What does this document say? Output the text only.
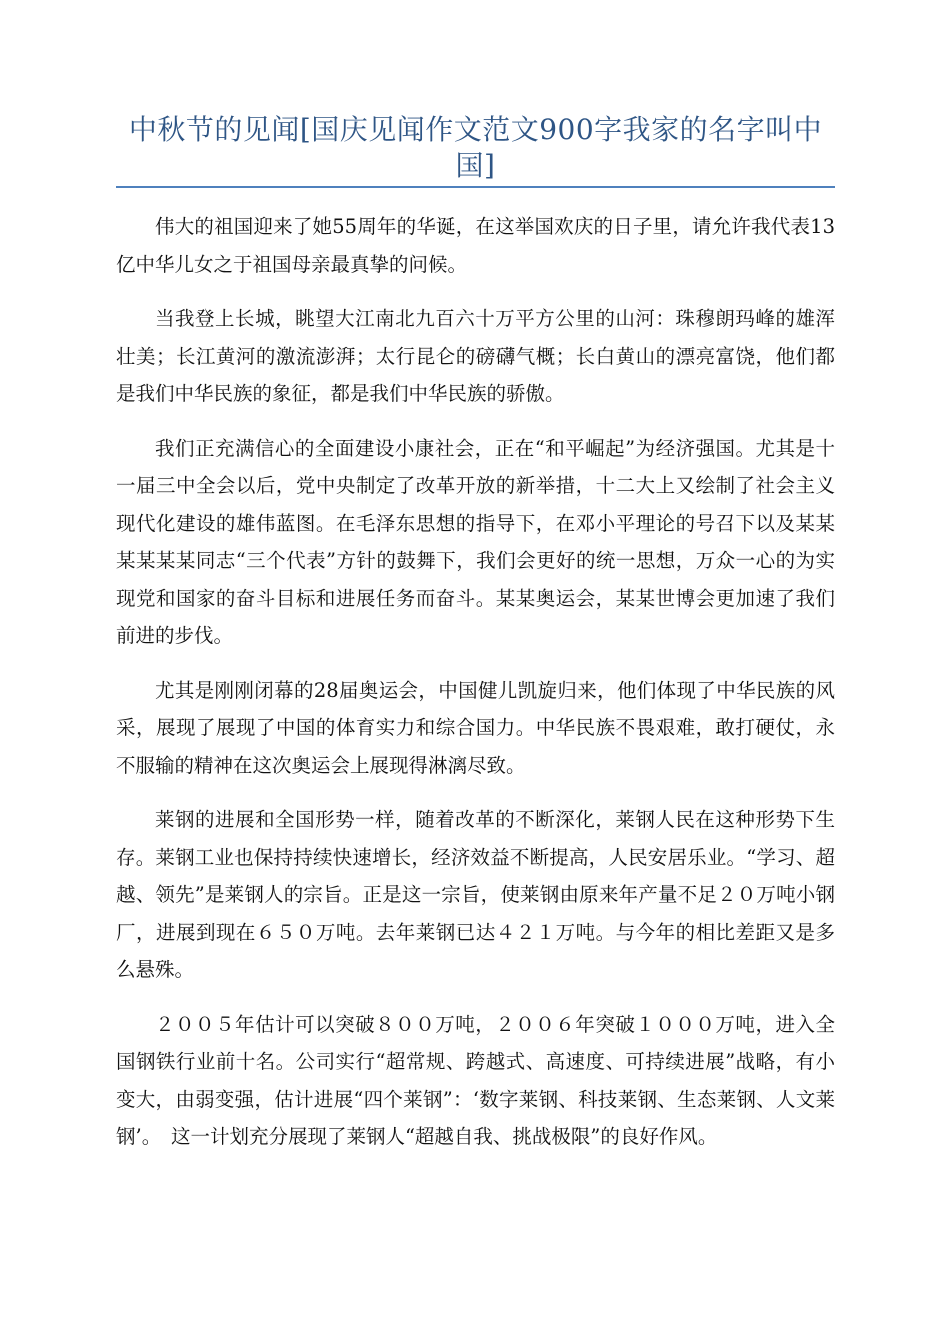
中秋节的见闻[国庆见闻作文范文900字我家的名字叫中国]

伟大的祖国迎来了她55周年的华诞，在这举国欢庆的日子里，请允许我代表13亿中华儿女之于祖国母亲最真挚的问候。

当我登上长城，眺望大江南北九百六十万平方公里的山河：珠穆朗玛峰的雄浑壮美；长江黄河的激流澎湃；太行昆仑的磅礴气概；长白黄山的漂亮富饶，他们都是我们中华民族的象征，都是我们中华民族的骄傲。

我们正充满信心的全面建设小康社会，正在“和平崛起”为经济强国。尤其是十一届三中全会以后，党中央制定了改革开放的新举措，十二大上又绘制了社会主义现代化建设的雄伟蓝图。在毛泽东思想的指导下，在邓小平理论的号召下以及某某某某某某同志“三个代表”方针的鼓舞下，我们会更好的统一思想，万众一心的为实现党和国家的奋斗目标和进展任务而奋斗。某某奥运会，某某世博会更加速了我们前进的步伐。

尤其是刚刚闭幕的28届奥运会，中国健儿凯旋归来，他们体现了中华民族的风采，展现了展现了中国的体育实力和综合国力。中华民族不畏艰难，敢打硬仗，永不服输的精神在这次奥运会上展现得淋漓尽致。

莱钢的进展和全国形势一样，随着改革的不断深化，莱钢人民在这种形势下生存。莱钢工业也保持持续快速增长，经济效益不断提高，人民安居乐业。“学习、超越、领先”是莱钢人的宗旨。正是这一宗旨，使莱钢由原来年产量不足２０万吨小钢厂，进展到现在６５０万吨。去年莱钢已达４２１万吨。与今年的相比差距又是多么悬殊。

２００５年估计可以突破８００万吨，２００６年突破１０００万吨，进入全国钢铁行业前十名。公司实行“超常规、跨越式、高速度、可持续进展”战略，有小变大，由弱变强，估计进展“四个莱钢”：‘数字莱钢、科技莱钢、生态莱钢、人文莱钢’。　这一计划充分展现了莱钢人“超越自我、挑战极限”的良好作风。
